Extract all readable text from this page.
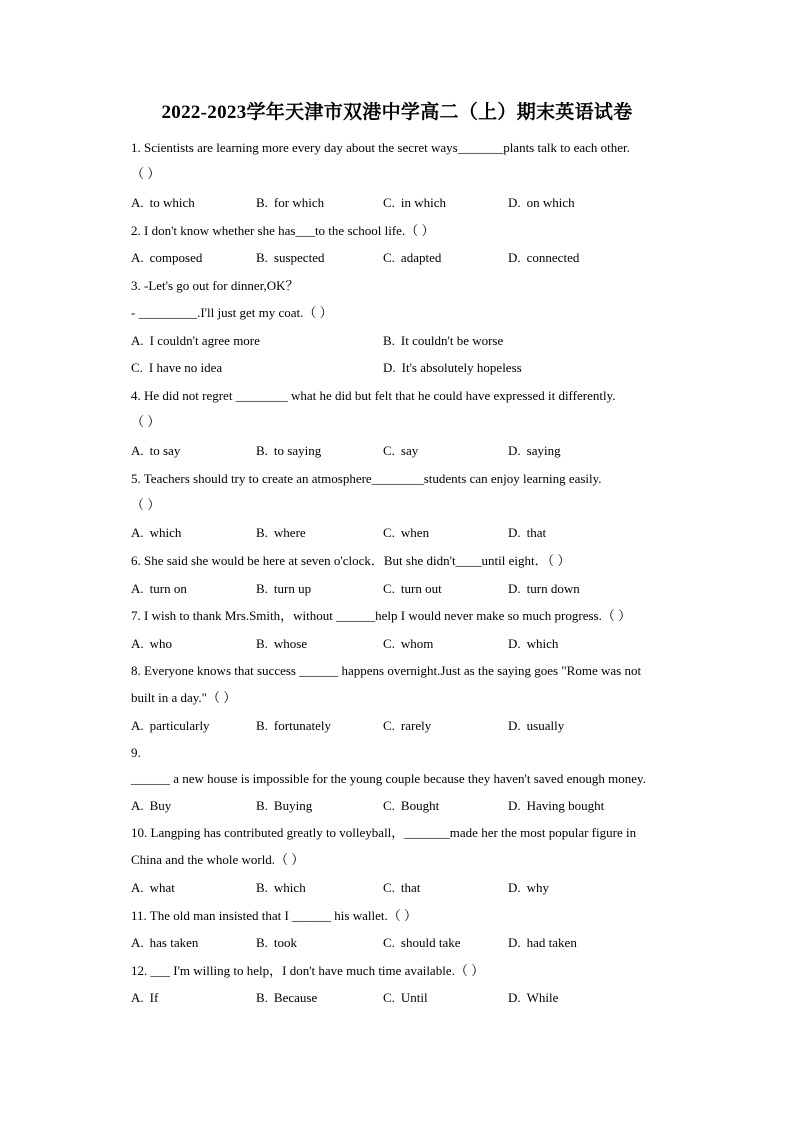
2022-2023学年天津市双港中学高二（上）期末英语试卷
1. Scientists are learning more every day about the secret ways_______plants talk to each other.
（ ）
A. to which	B. for which	C. in which	D. on which
2. I don't know whether she has___to the school life.（ ）
A. composed	B. suspected	C. adapted	D. connected
3. -Let's go out for dinner,OK？
- _________.I'll just get my coat.（ ）
A. I couldn't agree more	B. It couldn't be worse
C. I have no idea	D. It's absolutely hopeless
4. He did not regret ________ what he did but felt that he could have expressed it differently.
（ ）
A. to say	B. to saying	C. say	D. saying
5. Teachers should try to create an atmosphere________students can enjoy learning easily.
（ ）
A. which	B. where	C. when	D. that
6. She said she would be here at seven o'clock．But she didn't____until eight．（ ）
A. turn on	B. turn up	C. turn out	D. turn down
7. I wish to thank Mrs.Smith，without ______help I would never make so much progress.（ ）
A. who	B. whose	C. whom	D. which
8. Everyone knows that success ______ happens overnight.Just as the saying goes "Rome was not
built in a day."（ ）
A. particularly	B. fortunately	C. rarely	D. usually
9.
______ a new house is impossible for the young couple because they haven't saved enough money.
A. Buy	B. Buying	C. Bought	D. Having bought
10. Langping has contributed greatly to volleyball，_______made her the most popular figure in
China and the whole world.（ ）
A. what	B. which	C. that	D. why
11. The old man insisted that I ______ his wallet.（ ）
A. has taken	B. took	C. should take	D. had taken
12. ___ I'm willing to help，I don't have much time available.（ ）
A. If	B. Because	C. Until	D. While
